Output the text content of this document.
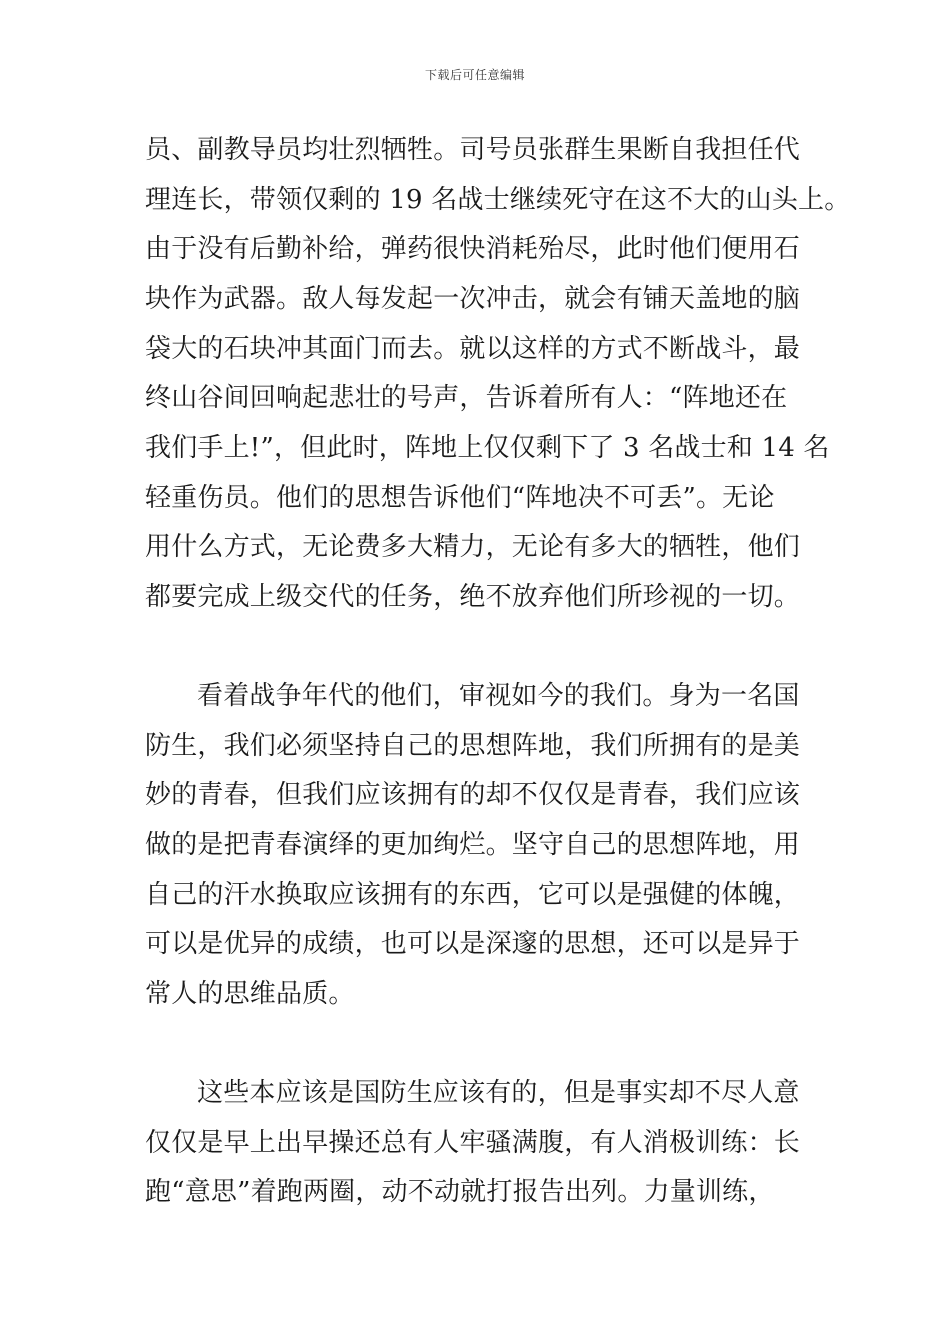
下载后可任意编辑
员、副教导员均壮烈牺牲。司号员张群生果断自我担任代
理连长，带领仅剩的 19 名战士继续死守在这不大的山头上。
由于没有后勤补给，弹药很快消耗殆尽，此时他们便用石
块作为武器。敌人每发起一次冲击，就会有铺天盖地的脑
袋大的石块冲其面门而去。就以这样的方式不断战斗，最
终山谷间回响起悲壮的号声，告诉着所有人：“阵地还在
我们手上!”，但此时，阵地上仅仅剩下了 3 名战士和 14 名
轻重伤员。他们的思想告诉他们“阵地决不可丢”。无论
用什么方式，无论费多大精力，无论有多大的牺牲，他们
都要完成上级交代的任务，绝不放弃他们所珍视的一切。
看着战争年代的他们，审视如今的我们。身为一名国
防生，我们必须坚持自己的思想阵地，我们所拥有的是美
妙的青春，但我们应该拥有的却不仅仅是青春，我们应该
做的是把青春演绎的更加绚烂。坚守自己的思想阵地，用
自己的汗水换取应该拥有的东西，它可以是强健的体魄，
可以是优异的成绩，也可以是深邃的思想，还可以是异于
常人的思维品质。
这些本应该是国防生应该有的，但是事实却不尽人意
仅仅是早上出早操还总有人牢骚满腹，有人消极训练：长
跑“意思”着跑两圈，动不动就打报告出列。力量训练，
